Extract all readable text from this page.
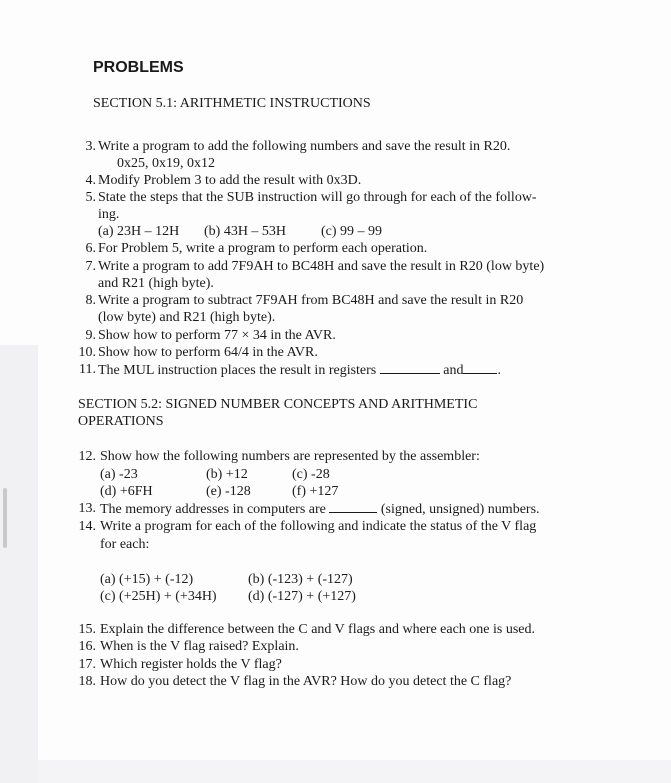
PROBLEMS
SECTION 5.1: ARITHMETIC INSTRUCTIONS
3. Write a program to add the following numbers and save the result in R20.
0x25, 0x19, 0x12
4. Modify Problem 3 to add the result with 0x3D.
5. State the steps that the SUB instruction will go through for each of the follow-
ing.
(a) 23H – 12H (b) 43H – 53H (c) 99 – 99
6. For Problem 5, write a program to perform each operation.
7. Write a program to add 7F9AH to BC48H and save the result in R20 (low byte)
and R21 (high byte).
8. Write a program to subtract 7F9AH from BC48H and save the result in R20
(low byte) and R21 (high byte).
9. Show how to perform 77 × 34 in the AVR.
10. Show how to perform 64/4 in the AVR.
11. The MUL instruction places the result in registers	and .
SECTION 5.2: SIGNED NUMBER CONCEPTS AND ARITHMETIC OPERATIONS
12. Show how the following numbers are represented by the assembler:
(a) -23	(b) +12	(c) -28
(d) +6FH	(e) -128	(f) +127
13. The memory addresses in computers are	(signed, unsigned) numbers.
14. Write a program for each of the following and indicate the status of the V flag
for each:
(a) (+15) + (-12)	(b) (-123) + (-127)
(c) (+25H) + (+34H) (d) (-127) + (+127)
15. Explain the difference between the C and V flags and where each one is used.
16. When is the V flag raised? Explain.
17. Which register holds the V flag?
18. How do you detect the V flag in the AVR? How do you detect the C flag?
